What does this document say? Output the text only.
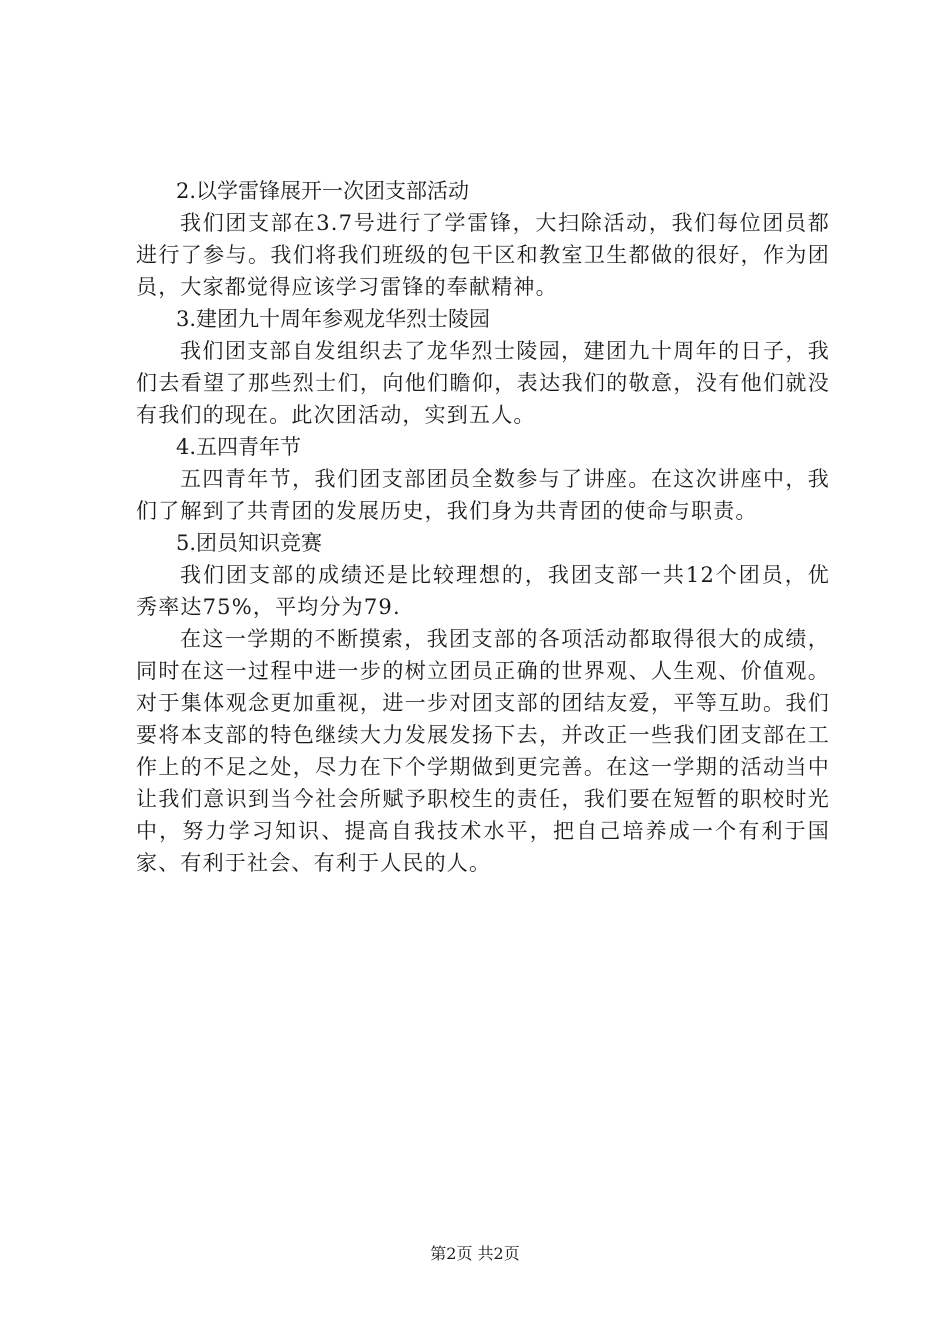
2.以学雷锋展开一次团支部活动

我们团支部在3.7号进行了学雷锋，大扫除活动，我们每位团员都进行了参与。我们将我们班级的包干区和教室卫生都做的很好，作为团员，大家都觉得应该学习雷锋的奉献精神。

3.建团九十周年参观龙华烈士陵园

我们团支部自发组织去了龙华烈士陵园，建团九十周年的日子，我们去看望了那些烈士们，向他们瞻仰，表达我们的敬意，没有他们就没有我们的现在。此次团活动，实到五人。

4.五四青年节

五四青年节，我们团支部团员全数参与了讲座。在这次讲座中，我们了解到了共青团的发展历史，我们身为共青团的使命与职责。

5.团员知识竞赛

我们团支部的成绩还是比较理想的，我团支部一共12个团员，优秀率达75%，平均分为79.

在这一学期的不断摸索，我团支部的各项活动都取得很大的成绩，同时在这一过程中进一步的树立团员正确的世界观、人生观、价值观。对于集体观念更加重视，进一步对团支部的团结友爱，平等互助。我们要将本支部的特色继续大力发展发扬下去，并改正一些我们团支部在工作上的不足之处，尽力在下个学期做到更完善。在这一学期的活动当中让我们意识到当今社会所赋予职校生的责任，我们要在短暂的职校时光中，努力学习知识、提高自我技术水平，把自己培养成一个有利于国家、有利于社会、有利于人民的人。

第2页 共2页
